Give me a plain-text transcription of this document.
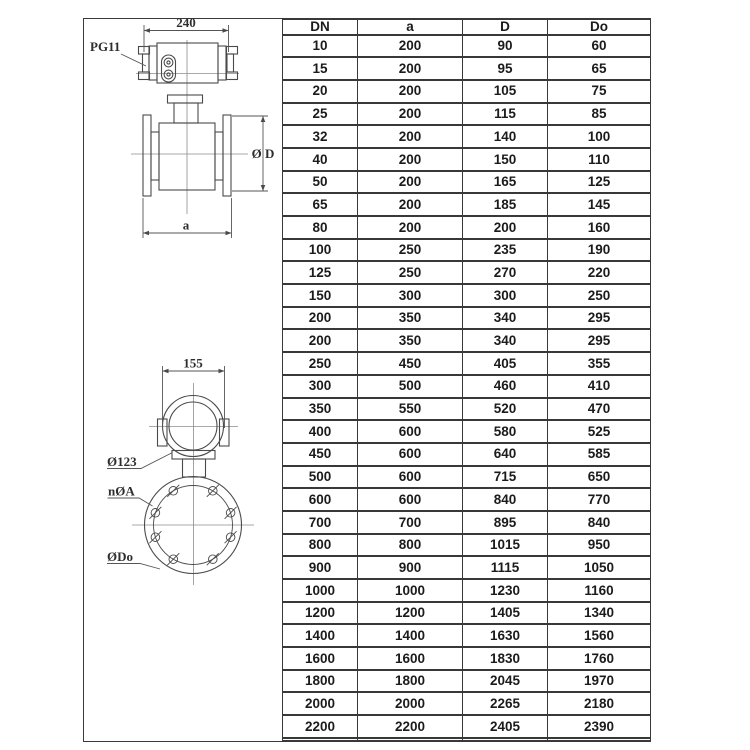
240
PG11
Ø D
a
155
Ø123
nØA
ØDo
DN	a	D	Do
10	200	90	60
15	200	95	65
20	200	105	75
25	200	115	85
32	200	140	100
40	200	150	110
50	200	165	125
65	200	185	145
80	200	200	160
100	250	235	190
125	250	270	220
150	300	300	250
200	350	340	295
200	350	340	295
250	450	405	355
300	500	460	410
350	550	520	470
400	600	580	525
450	600	640	585
500	600	715	650
600	600	840	770
700	700	895	840
800	800	1015	950
900	900	1115	1050
1000	1000	1230	1160
1200	1200	1405	1340
1400	1400	1630	1560
1600	1600	1830	1760
1800	1800	2045	1970
2000	2000	2265	2180
2200	2200	2405	2390
